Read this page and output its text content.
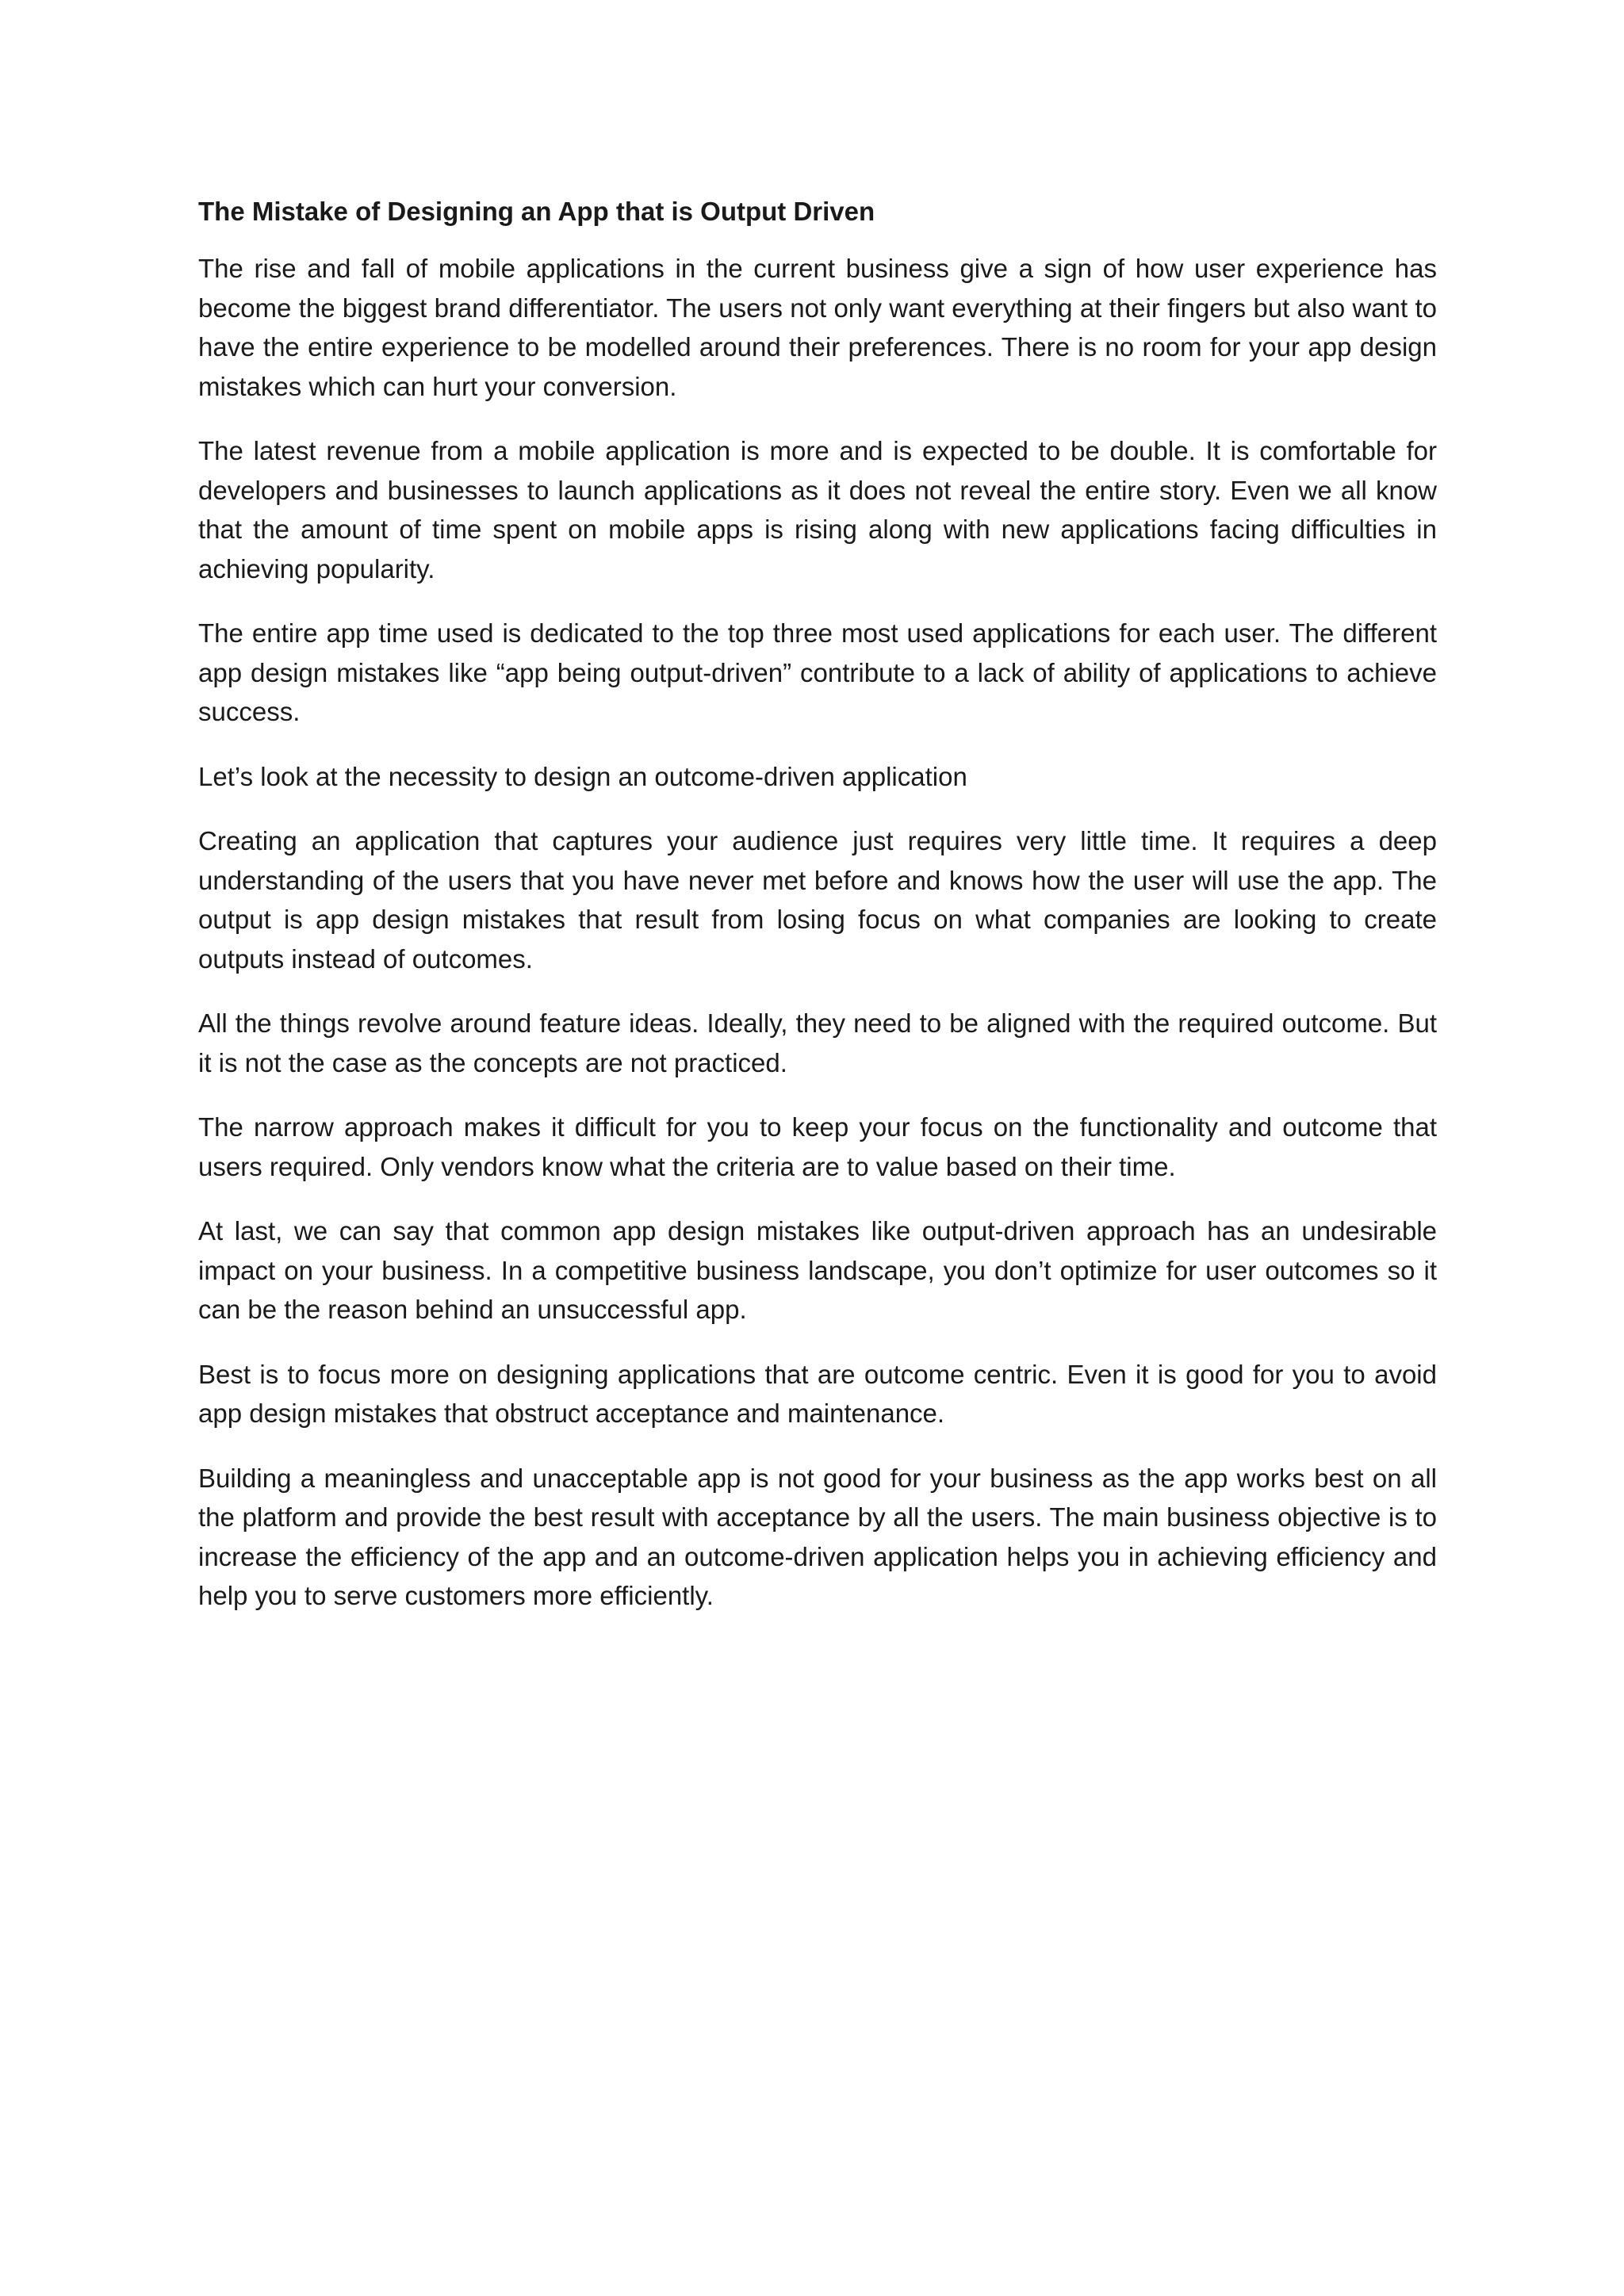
The Mistake of Designing an App that is Output Driven

The rise and fall of mobile applications in the current business give a sign of how user experience has become the biggest brand differentiator. The users not only want everything at their fingers but also want to have the entire experience to be modelled around their preferences. There is no room for your app design mistakes which can hurt your conversion.

The latest revenue from a mobile application is more and is expected to be double. It is comfortable for developers and businesses to launch applications as it does not reveal the entire story. Even we all know that the amount of time spent on mobile apps is rising along with new applications facing difficulties in achieving popularity.

The entire app time used is dedicated to the top three most used applications for each user. The different app design mistakes like “app being output-driven” contribute to a lack of ability of applications to achieve success.

Let’s look at the necessity to design an outcome-driven application

Creating an application that captures your audience just requires very little time. It requires a deep understanding of the users that you have never met before and knows how the user will use the app. The output is app design mistakes that result from losing focus on what companies are looking to create outputs instead of outcomes.

All the things revolve around feature ideas. Ideally, they need to be aligned with the required outcome. But it is not the case as the concepts are not practiced.

The narrow approach makes it difficult for you to keep your focus on the functionality and outcome that users required. Only vendors know what the criteria are to value based on their time.

At last, we can say that common app design mistakes like output-driven approach has an undesirable impact on your business. In a competitive business landscape, you don’t optimize for user outcomes so it can be the reason behind an unsuccessful app.

Best is to focus more on designing applications that are outcome centric. Even it is good for you to avoid app design mistakes that obstruct acceptance and maintenance.

Building a meaningless and unacceptable app is not good for your business as the app works best on all the platform and provide the best result with acceptance by all the users. The main business objective is to increase the efficiency of the app and an outcome-driven application helps you in achieving efficiency and help you to serve customers more efficiently.
